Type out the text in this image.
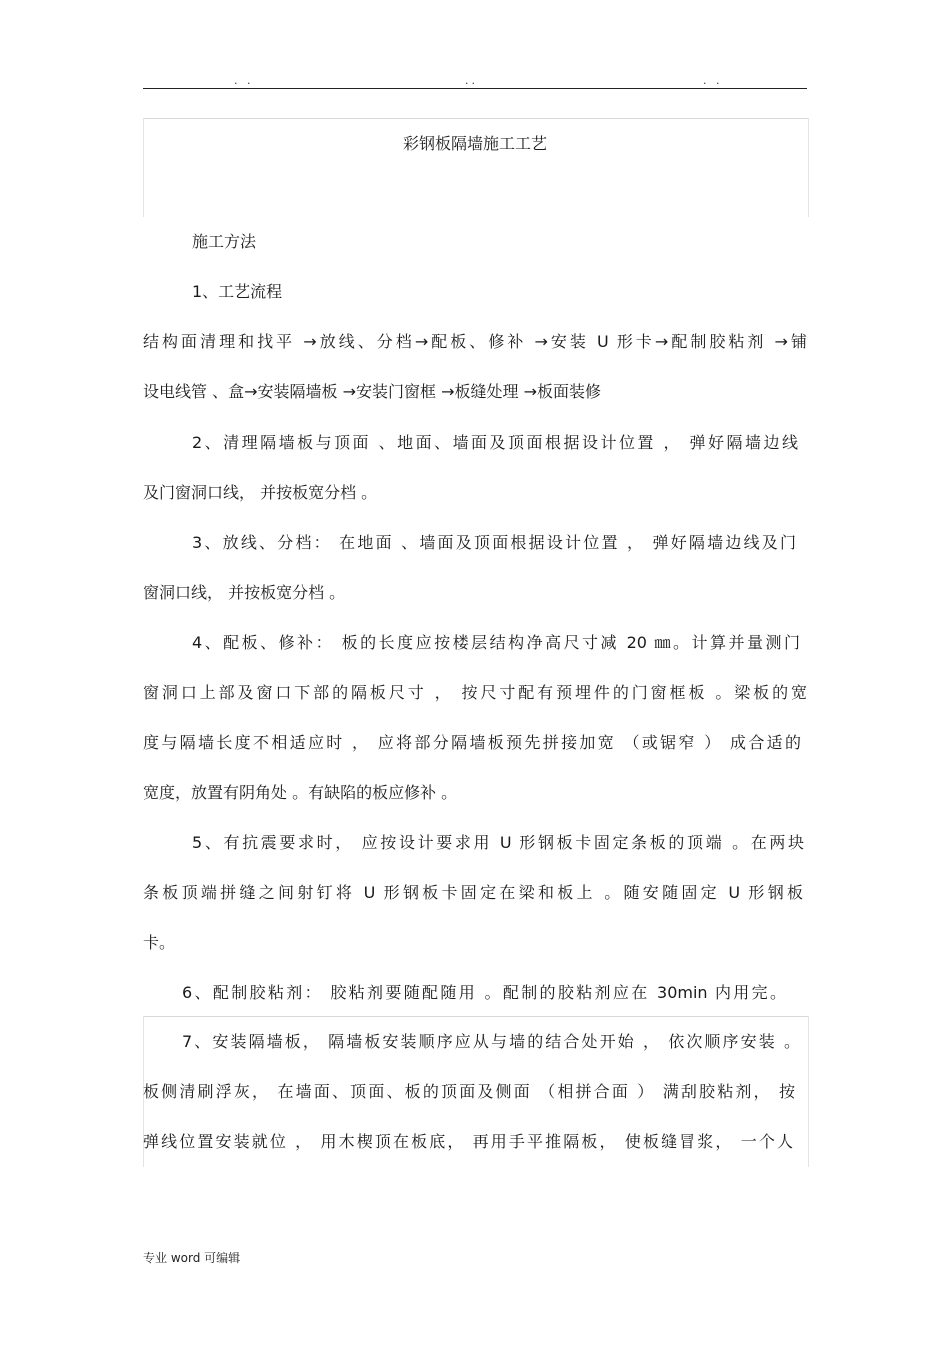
. .	..	. .
彩钢板隔墙施工工艺
施工方法
1、工艺流程
结构面清理和找平 →放线、分档→配板、修补 →安装 U 形卡→配制胶粘剂 →铺
设电线管 、盒→安装隔墙板 →安装门窗框 →板缝处理 →板面装修
2、清理隔墙板与顶面 、地面、墙面及顶面根据设计位置 ， 弹好隔墙边线
及门窗洞口线， 并按板宽分档 。
3、放线、分档： 在地面 、墙面及顶面根据设计位置 ， 弹好隔墙边线及门
窗洞口线， 并按板宽分档 。
4、配板、修补： 板的长度应按楼层结构净高尺寸减 20 ㎜。计算并量测门
窗洞口上部及窗口下部的隔板尺寸 ， 按尺寸配有预埋件的门窗框板 。梁板的宽
度与隔墙长度不相适应时 ， 应将部分隔墙板预先拼接加宽 （或锯窄 ） 成合适的
宽度，放置有阴角处 。有缺陷的板应修补 。
5、有抗震要求时， 应按设计要求用 U 形钢板卡固定条板的顶端 。在两块
条板顶端拼缝之间射钉将 U 形钢板卡固定在梁和板上 。随安随固定 U 形钢板
卡。
6、配制胶粘剂： 胶粘剂要随配随用 。配制的胶粘剂应在 30min 内用完。
7、安装隔墙板， 隔墙板安装顺序应从与墙的结合处开始 ， 依次顺序安装 。
板侧清刷浮灰， 在墙面、顶面、板的顶面及侧面 （相拼合面 ） 满刮胶粘剂， 按
弹线位置安装就位 ， 用木楔顶在板底， 再用手平推隔板， 使板缝冒浆， 一个人
专业 word 可编辑
